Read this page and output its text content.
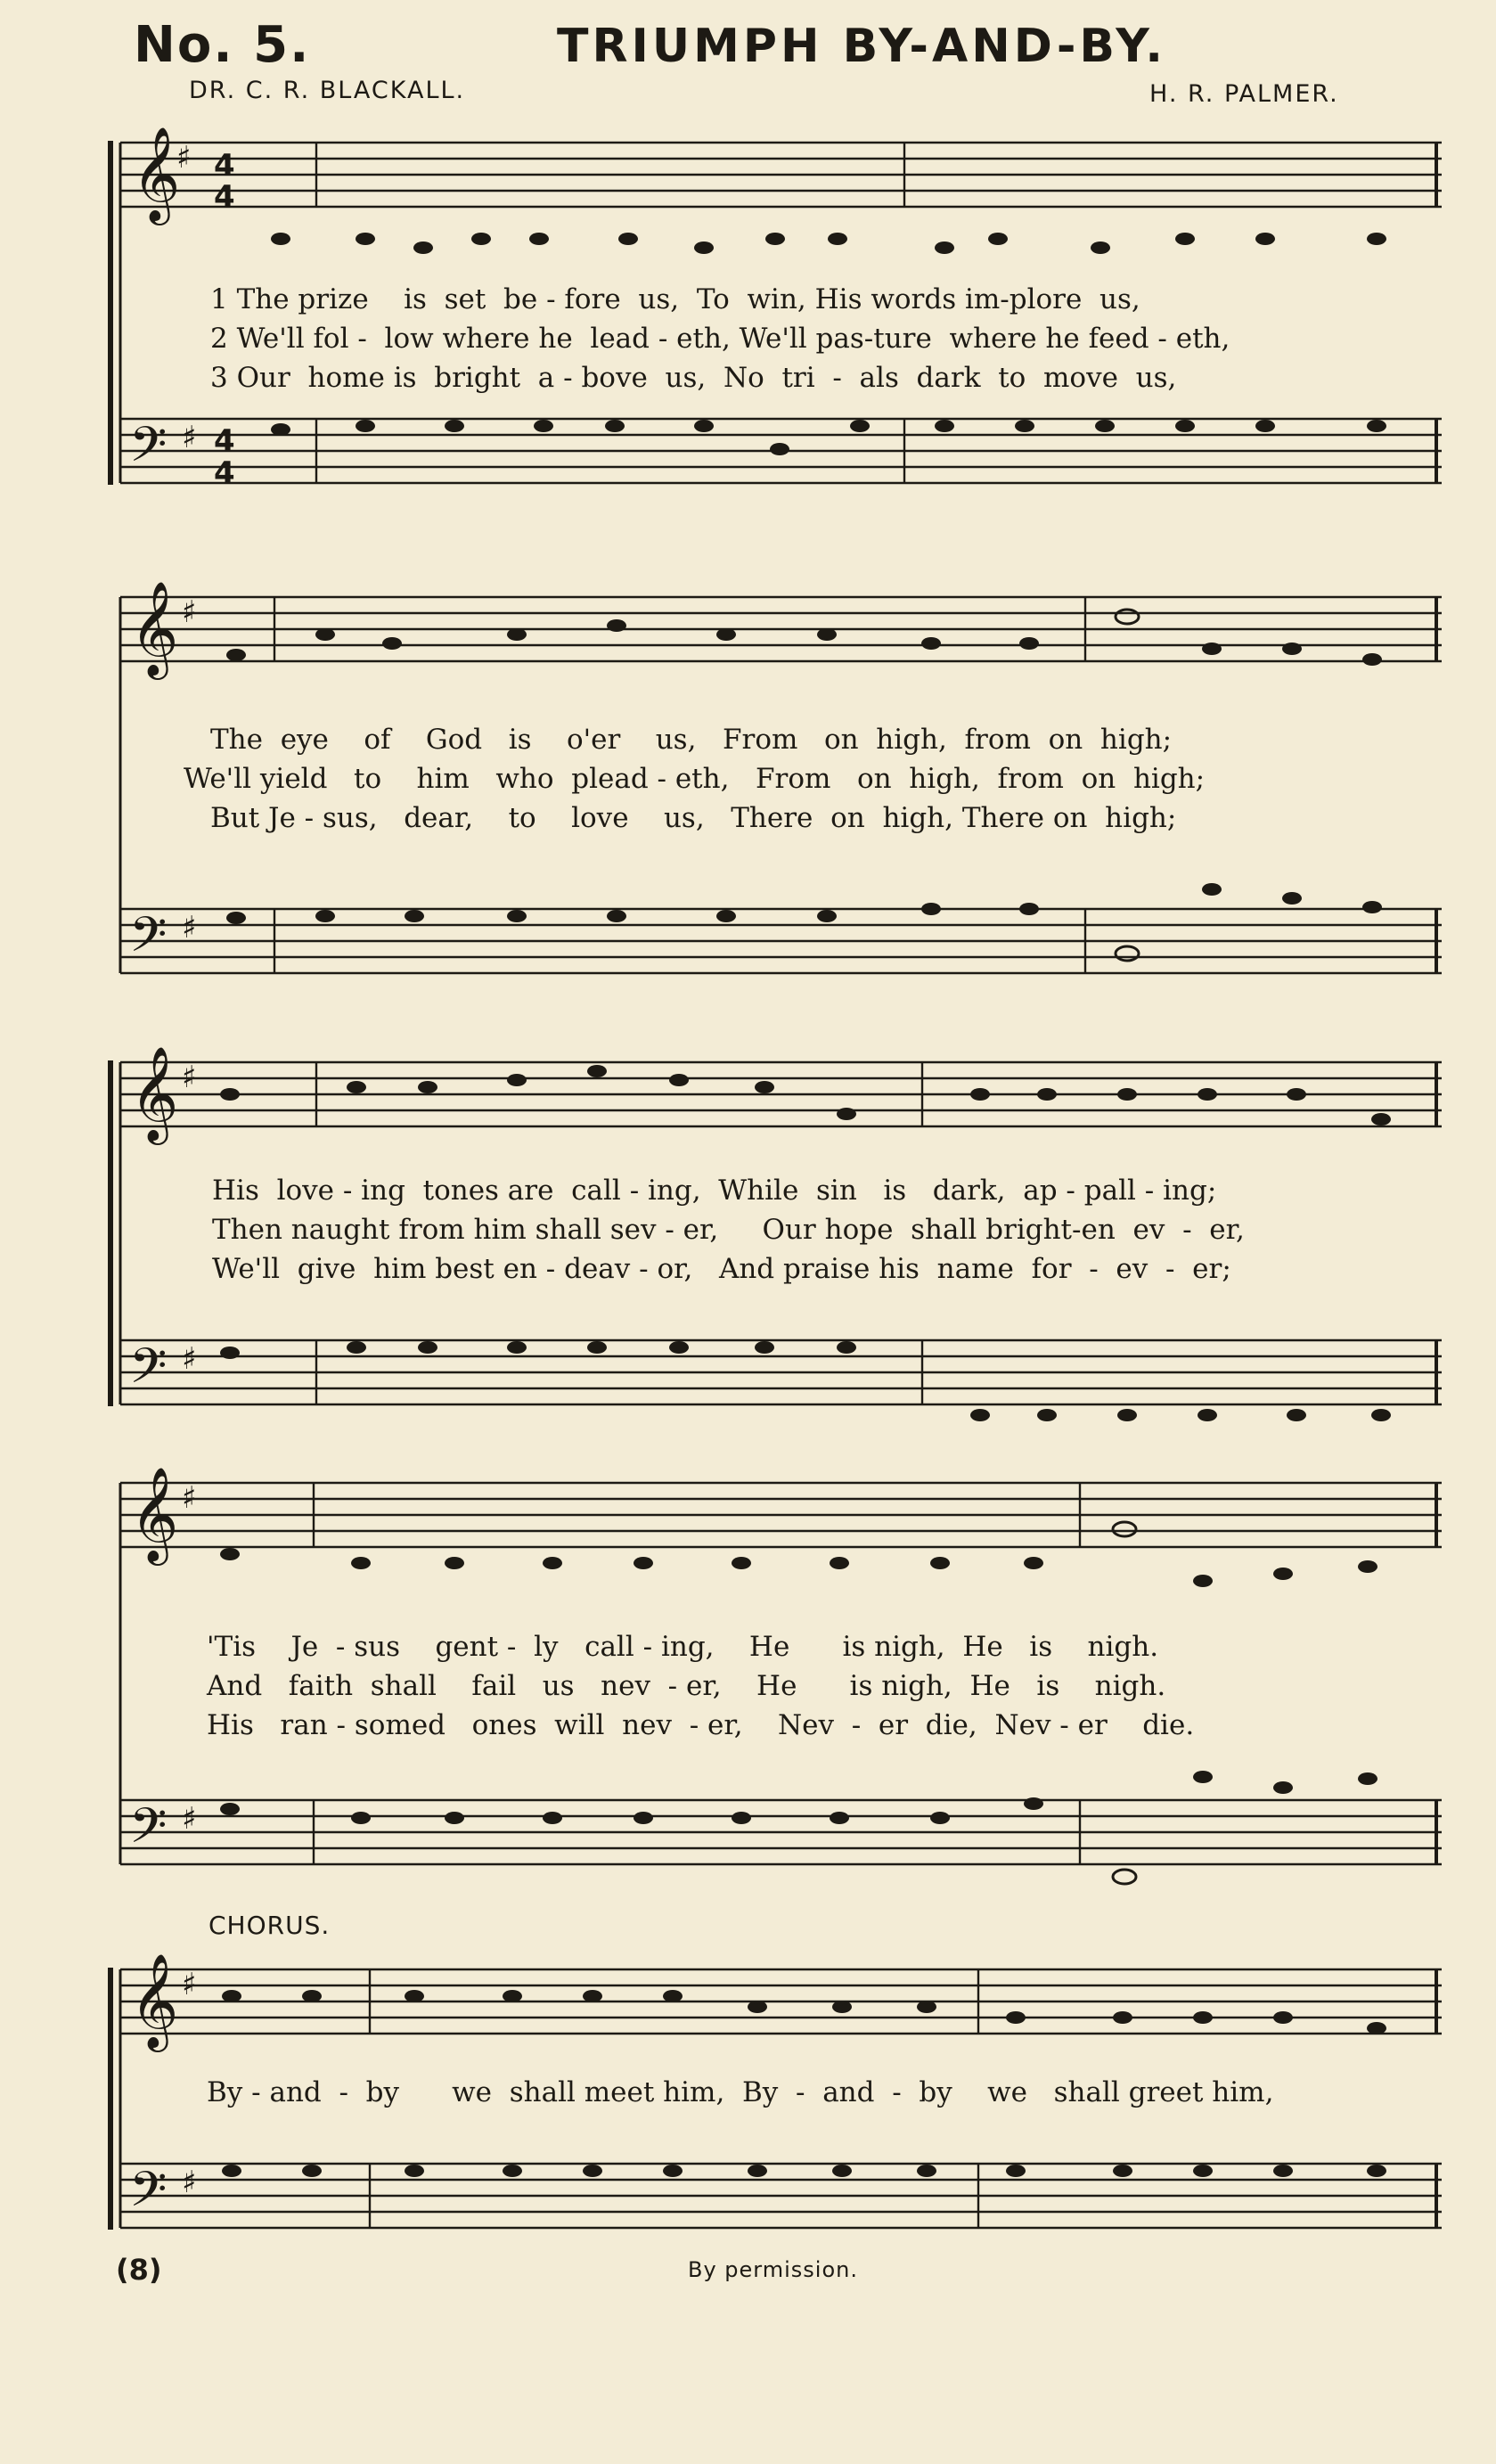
No. 5.	TRIUMPH BY-AND-BY.
DR. C. R. BLACKALL.	H. R. PALMER.
𝄞
♯ 4
4
𝄢 ♯ 4
4
1 The prize    is  set  be - fore  us,  To  win, His words im-plore  us,
2 We'll fol -  low where he  lead - eth, We'll pas-ture  where he feed - eth,
3 Our  home is  bright  a - bove  us,  No  tri  -  als  dark  to  move  us,
𝄞 ♯
𝄢 ♯
The  eye    of    God   is    o'er    us,   From   on  high,  from  on  high;
We'll yield   to    him   who  plead - eth,   From   on  high,  from  on  high;
But Je - sus,   dear,    to    love    us,   There  on  high, There on  high;
𝄞 ♯
𝄢 ♯
His  love - ing  tones are  call - ing,  While  sin   is   dark,  ap - pall - ing;
Then naught from him shall sev - er,     Our hope  shall bright-en  ev  -  er,
We'll  give  him best en - deav - or,   And praise his  name  for  -  ev  -  er;
𝄞 ♯
𝄢 ♯
'Tis    Je  - sus    gent -  ly   call - ing,    He      is nigh,  He   is    nigh.
And   faith  shall    fail   us   nev  - er,    He      is nigh,  He   is    nigh.
His   ran - somed   ones  will  nev  - er,    Nev  -  er  die,  Nev - er    die.
CHORUS.
𝄞 ♯
𝄢 ♯
By - and  -  by      we  shall meet him,  By  -  and  -  by    we   shall greet him,
(8)	By permission.
